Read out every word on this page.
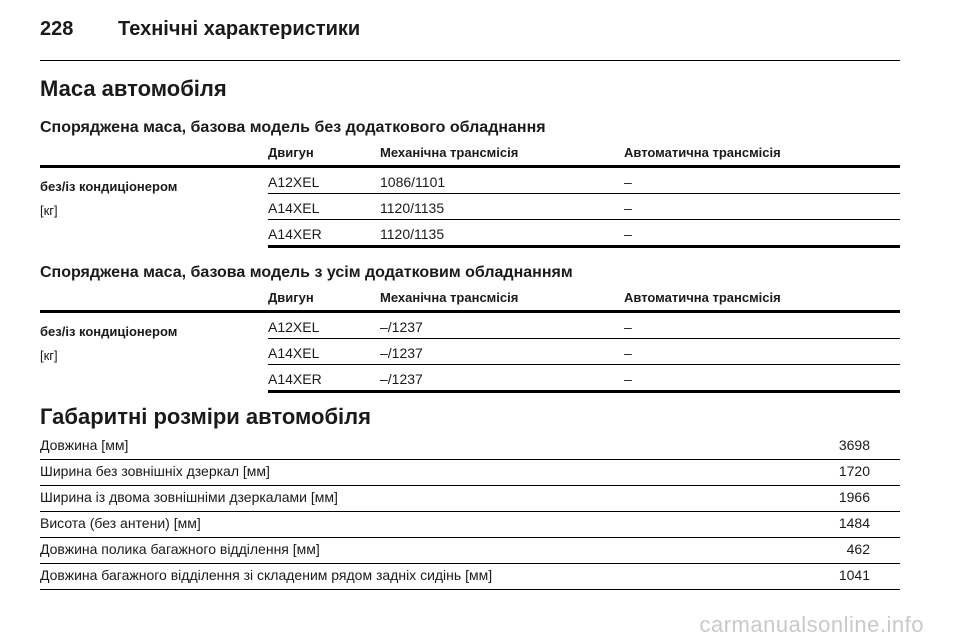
228 Технічні характеристики
Маса автомобіля
Споряджена маса, базова модель без додаткового обладнання
Двигун	Механічна трансмісія	Автоматична трансмісія
без/із кондиціонером
[кг]
A12XEL	1086/1101	–
A14XEL	1120/1135	–
A14XER	1120/1135	–
Споряджена маса, базова модель з усім додатковим обладнанням
Двигун	Механічна трансмісія	Автоматична трансмісія
без/із кондиціонером
[кг]
A12XEL	–/1237	–
A14XEL	–/1237	–
A14XER	–/1237	–
Габаритні розміри автомобіля
Довжина [мм]	3698
Ширина без зовнішніх дзеркал [мм]	1720
Ширина із двома зовнішніми дзеркалами [мм]	1966
Висота (без антени) [мм]	1484
Довжина полика багажного відділення [мм]	462
Довжина багажного відділення зі складеним рядом задніх сидінь [мм]	1041
carmanualsonline.info
